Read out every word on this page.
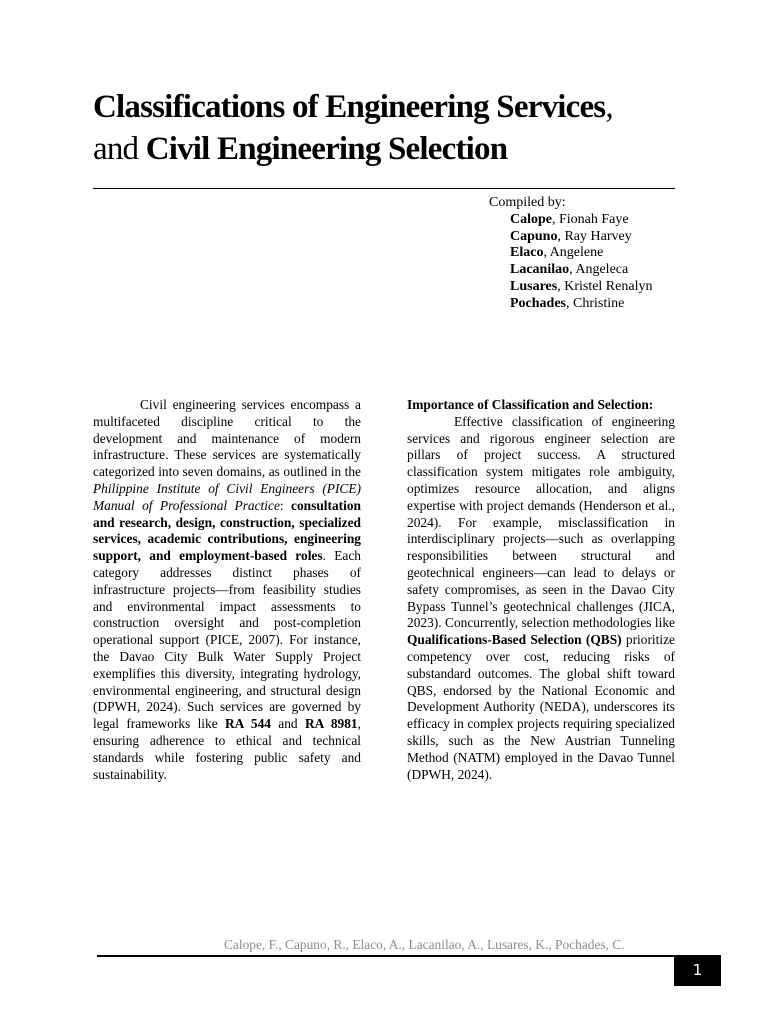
Classifications of Engineering Services,
and Civil Engineering Selection
Compiled by:
Calope, Fionah Faye
Capuno, Ray Harvey
Elaco, Angelene
Lacanilao, Angeleca
Lusares, Kristel Renalyn
Pochades, Christine

Civil engineering services encompass a multifaceted discipline critical to the development and maintenance of modern infrastructure. These services are systematically categorized into seven domains, as outlined in the Philippine Institute of Civil Engineers (PICE) Manual of Professional Practice: consultation and research, design, construction, specialized services, academic contributions, engineering support, and employment-based roles. Each category addresses distinct phases of infrastructure projects—from feasibility studies and environmental impact assessments to construction oversight and post-completion operational support (PICE, 2007). For instance, the Davao City Bulk Water Supply Project exemplifies this diversity, integrating hydrology, environmental engineering, and structural design (DPWH, 2024). Such services are governed by legal frameworks like RA 544 and RA 8981, ensuring adherence to ethical and technical standards while fostering public safety and sustainability.

Importance of Classification and Selection:

Effective classification of engineering services and rigorous engineer selection are pillars of project success. A structured classification system mitigates role ambiguity, optimizes resource allocation, and aligns expertise with project demands (Henderson et al., 2024). For example, misclassification in interdisciplinary projects—such as overlapping responsibilities between structural and geotechnical engineers—can lead to delays or safety compromises, as seen in the Davao City Bypass Tunnel’s geotechnical challenges (JICA, 2023). Concurrently, selection methodologies like Qualifications-Based Selection (QBS) prioritize competency over cost, reducing risks of substandard outcomes. The global shift toward QBS, endorsed by the National Economic and Development Authority (NEDA), underscores its efficacy in complex projects requiring specialized skills, such as the New Austrian Tunneling Method (NATM) employed in the Davao Tunnel (DPWH, 2024).

Calope, F., Capuno, R., Elaco, A., Lacanilao, A., Lusares, K., Pochades, C.
1
